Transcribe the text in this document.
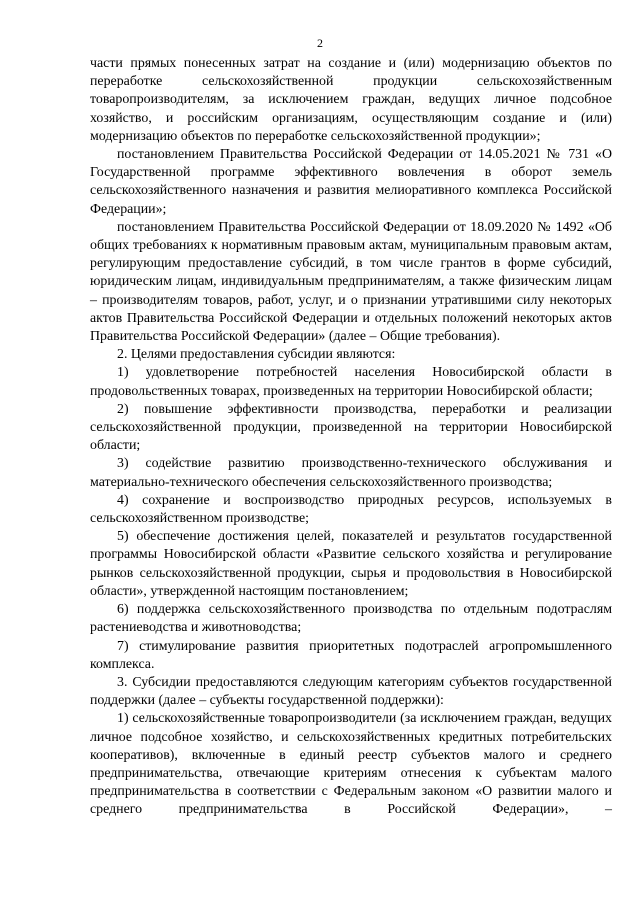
2

части прямых понесенных затрат на создание и (или) модернизацию объектов по переработке сельскохозяйственной продукции сельскохозяйственным товаропроизводителям, за исключением граждан, ведущих личное подсобное хозяйство, и российским организациям, осуществляющим создание и (или) модернизацию объектов по переработке сельскохозяйственной продукции»;

постановлением Правительства Российской Федерации от 14.05.2021 № 731 «О Государственной программе эффективного вовлечения в оборот земель сельскохозяйственного назначения и развития мелиоративного комплекса Российской Федерации»;

постановлением Правительства Российской Федерации от 18.09.2020 № 1492 «Об общих требованиях к нормативным правовым актам, муниципальным правовым актам, регулирующим предоставление субсидий, в том числе грантов в форме субсидий, юридическим лицам, индивидуальным предпринимателям, а также физическим лицам – производителям товаров, работ, услуг, и о признании утратившими силу некоторых актов Правительства Российской Федерации и отдельных положений некоторых актов Правительства Российской Федерации» (далее – Общие требования).

2. Целями предоставления субсидии являются:

1) удовлетворение потребностей населения Новосибирской области в продовольственных товарах, произведенных на территории Новосибирской области;

2) повышение эффективности производства, переработки и реализации сельскохозяйственной продукции, произведенной на территории Новосибирской области;

3) содействие развитию производственно-технического обслуживания и материально-технического обеспечения сельскохозяйственного производства;

4) сохранение и воспроизводство природных ресурсов, используемых в сельскохозяйственном производстве;

5) обеспечение достижения целей, показателей и результатов государственной программы Новосибирской области «Развитие сельского хозяйства и регулирование рынков сельскохозяйственной продукции, сырья и продовольствия в Новосибирской области», утвержденной настоящим постановлением;

6) поддержка сельскохозяйственного производства по отдельным подотраслям растениеводства и животноводства;

7) стимулирование развития приоритетных подотраслей агропромышленного комплекса.

3. Субсидии предоставляются следующим категориям субъектов государственной поддержки (далее – субъекты государственной поддержки):

1) сельскохозяйственные товаропроизводители (за исключением граждан, ведущих личное подсобное хозяйство, и сельскохозяйственных кредитных потребительских кооперативов), включенные в единый реестр субъектов малого и среднего предпринимательства, отвечающие критериям отнесения к субъектам малого предпринимательства в соответствии с Федеральным законом «О развитии малого и среднего предпринимательства в Российской Федерации», –
